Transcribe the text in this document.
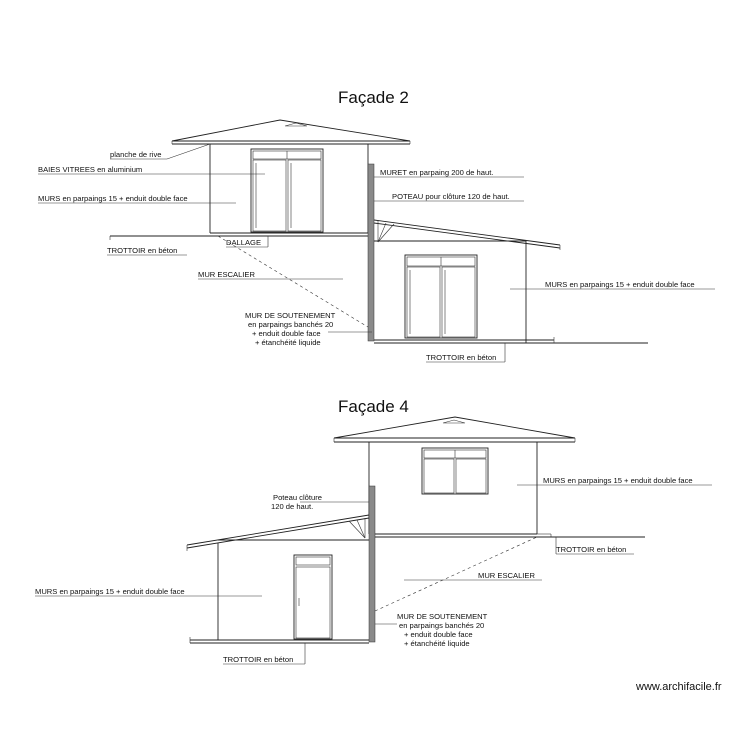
Façade 2
planche de rive
BAIES VITREES en aluminium
MURS en parpaings 15 + enduit double face
TROTTOIR en béton
DALLAGE
MUR ESCALIER
MURET en parpaing 200 de haut.
POTEAU pour clôture 120 de haut.
MURS en parpaings 15 + enduit double face
MUR DE SOUTENEMENT
en parpaings banchés 20
+ enduit double face
+ étanchéité liquide
TROTTOIR en béton
Façade 4
MURS en parpaings 15 + enduit double face
Poteau clôture
120 de haut.
TROTTOIR en béton
MUR ESCALIER
MURS en parpaings 15 + enduit double face
MUR DE SOUTENEMENT
en parpaings banchés 20
+ enduit double face
+ étanchéité liquide
TROTTOIR en béton
www.archifacile.fr
